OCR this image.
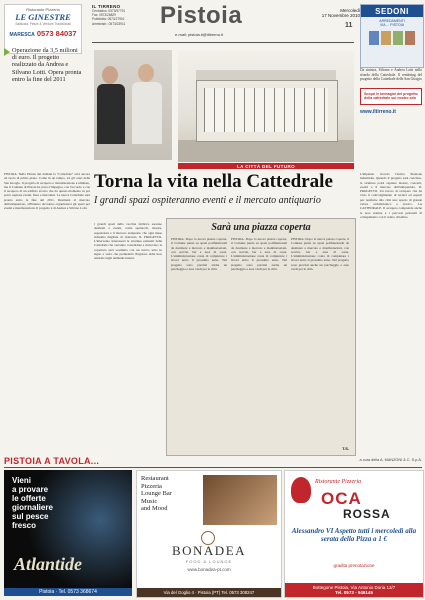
Ristorante Pizzeria
LE GINESTRE
Salsiccia, Pesce & Verdure Tradizionali
MARESCA 0573 84037
IL TIRRENO
Centralino: 0573/97791
Fax: 0573/26829
Pubblicità: 0573/27901
Amministr.: 0573/23911	Pistoia
e-mail: pistoia.it@iltirreno.it
Mercoledì
17 Novembre 2010
11
SEDONI
ARREDAMENTI
VIA ... PISTOIA
Operazione da 3,5 milioni di euro. Il progetto realizzato da Andrea e Silvano Lotti. Opera pronta entro la fine del 2011
Da sinistra, Silvano e Andrea Lotti nello sfondo della Cattedrale. Il rendering del progetto della Cattedrale delle San Giorgio
Scopri le immagini del progetto della cattedrale sul nostro sito
www.iltirreno.it
LA CITTÀ DEL FUTURO
PISTOIA. Nella Pistoia del domani la "Cattedrale" avrà ancora un ruolo di primo piano. Come in un tempo, tra gli orari della San Giorgio. Il progetto di recupero e ristrutturazione è ultimato, ma il Comune di Pistoia ha preso l'impegno, con l'accordo e con il recupero di un edificio storico che da questo momento in poi potrà ospitare eventi, fiere e mercatini. La nuova Cattedrale sarà pronta entro la fine del 2011. Destinata al mercato dell'antiquariato, all'interno dovranno organizzarsi gli spazi per eventi e manifestazioni. Il progetto è di Andrea e Silvano Lotti.
Torna la vita nella Cattedrale
I grandi spazi ospiteranno eventi e il mercato antiquario
i grandi spazi della vecchia fabbrica saranno destinati a eventi, come spettacoli, mostre, esposizioni e il mercato antiquario che ogni mese richiama migliaia di visitatori. IL PROGETTO. L'intervento interesserà le strutture esistenti della Cattedrale che verranno consolidate e rinnovate; la copertura sarà sostituita con un nuovo tetto in legno e vetro che permetterà l'ingresso della luce naturale negli ambienti interni.
Sarà una piazza coperta
PISTOIA. Dopo la nuova piazza coperta, il Comune punta su spazi polifunzionali da destinare a mercato e manifestazioni, con servizi, bar e aree di sosta. L'amministrazione conta di completare i lavori entro il prossimo anno. Nel progetto sono previsti anche un parcheggio e aree verdi per la città.
PISTOIA. Dopo la nuova piazza coperta, il Comune punta su spazi polifunzionali da destinare a mercato e manifestazioni, con servizi, bar e aree di sosta. L'amministrazione conta di completare i lavori entro il prossimo anno. Nel progetto sono previsti anche un parcheggio e aree verdi per la città.
PISTOIA. Dopo la nuova piazza coperta, il Comune punta su spazi polifunzionali da destinare a mercato e manifestazioni, con servizi, bar e aree di sosta. L'amministrazione conta di completare i lavori entro il prossimo anno. Nel progetto sono previsti anche un parcheggio e aree verdi per la città.
T.S.
L'impianto ricorda l'antica funzione industriale. Quando il progetto sarà concluso, la struttura potrà ospitare mostre, concerti, eventi e il mercato dell'antiquariato. IL PROGETTO. Un lavoro di recupero che ha visto il coinvolgimento di tecnici ed esperti per restituire alla città uno spazio di grande valore architettonico e storico. LA CATTEDRALE. Il recupero comprende anche le aree esterne e i percorsi pedonali di collegamento con il centro cittadino.
PISTOIA A TAVOLA...	a cura della A. MANZONI & C. S.p.A.
Vieni
a provare
le offerte
giornaliere
sul pesce
fresco
Atlantide
Pistoia · Tel. 0573 368674
Restaurant
Pizzeria
Lounge Bar
Music
and Mood
BONADEA
FOOD & LOUNGE
www.bonadea-pt.com
Via del Goglio 4 · Pistoia (PT) Tel. 0573 308247
Ristorante Pizzeria
OCA
ROSSA
Alessandro VI Aspetto tutti i mercoledì alla serata della Pizza a 1 €
gradita prenotazione
Bottegone Pistoia, Via Antonio Doria 13/7
Tel. 0573 - 946145
